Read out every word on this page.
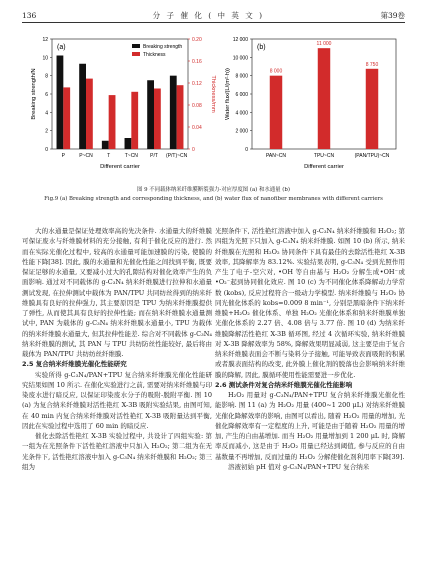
136	分 子 催 化 ( 中 英 文 )	第39卷
(a)
0
2
4
6
8
10
12
0
0.04
0.08
0.12
0.16
0.20
P	P~CN	T	T~CN P/T (P/T)~CN
Different carrier
Breaking strength/N	Thickness/mm
Breaking strength
Thickness
(b)
0
2 000
4 000
6 000
8 000
10 000
12 000
8 000
PAN~CN
11 000
TPU~CN
8 750
(PAN/TPU)~CN
Different carrier
Water flux/(L/(m²·h))
图 9 不同载体纳米纤维膜断裂强力-对应厚度图 (a) 和水通量 (b)
Fig.9 (a) Breaking strength and corresponding thickness, and (b) water flux of nanofiber membranes with different carriers

大的水通量是保证处理效率高的先决条件. 水通量大的纤维膜可保证废水与纤维膜材料的充分接触, 有利于催化反应的进行. 然而在实际光催化过程中, 较高的水通量可能加速膜的污染, 使膜的性能下降[38]. 因此, 膜的水通量和光催化性能之间找到平衡, 既要保证足够的水通量, 又要减小过大的孔隙结构对催化效率产生的负面影响. 通过对不同载体的 g-C₃N₄ 纳米纤维膜进行拉伸和水通量测试发现, 在拉伸测试中载体为 PAN/TPU 共同纺丝得到的纳米纤维膜具有良好的拉伸强力, 其主要原因是 TPU 为纳米纤维膜提供了弹性, 从而使其具有良好的拉伸性能; 而在纳米纤维膜水通量测试中, PAN 为载体的 g-C₃N₄ 纳米纤维膜水通量小, TPU 为载体的纳米纤维膜水通量大, 但其拉伸性能差. 综合对不同载体 g-C₃N₄ 纳米纤维膜的测试, 其 PAN 与 TPU 共纺防丝性能较好, 最后将由载体为 PAN/TPU 共纺纺丝纤维膜.

2.5 复合纳米纤维膜光催化性能研究

实验所得 g-C₃N₄/PAN+TPU 复合纳米纤维膜光催化性能研究结果如图 10 所示. 在催化实验进行之前, 需要对纳米纤维膜与印染废水进行暗反应, 以保证印染废水分子的吸附-脱附平衡. 图 10 (a) 为复合纳米纤维膜对活性艳红 X-3B 吸附实验结果, 由图可知, 在 40 min 内复合纳米纤维膜对活性艳红 X-3B 吸附量达到平衡, 因此在实验过程中选用了 60 min 的暗反应.

催化去除活性艳红 X-3B 实验过程中, 共设计了四组实验: 第一组为在光照条件下活性艳红溶液中只加入 H₂O₂; 第二组为在无光条件下, 活性艳红溶液中加入 g-C₃N₄ 纳米纤维膜和 H₂O₂; 第三组为

光照条件下, 活性艳红溶液中加入 g-C₃N₄ 纳米纤维膜和 H₂O₂; 第四组为光照下只加入 g-C₃N₄ 纳米纤维膜. 如图 10 (b) 所示, 纳米纤维膜在光照和 H₂O₂ 协同条件下具有最佳的去除活性艳红 X-3B 效率, 其降解率为 83.12%. 实验结果表明, g-C₃N₄ 受到光照作用产生了电子-空穴对, •OH 等自由基与 H₂O₂ 分解生成•OH⁻或•O₂⁻起到协同催化效应. 图 10 (c) 为不同催化体系降解动力学常数 (kobs), 反应过程符合一级动力学模型. 纳米纤维膜与 H₂O₂ 协同光催化体系的 kobs=0.009 8 min⁻¹, 分别是黑暗条件下纳米纤维膜+H₂O₂ 催化体系、单独 H₂O₂ 光催化体系和纳米纤维膜单独光催化体系的 2.27 倍、4.08 倍与 3.77 倍. 图 10 (d) 为纳米纤维膜降解活性艳红 X-3B 循环图, 经过 4 次循环实验, 纳米纤维膜对 X-3B 降解效率为 58%, 降解效果明显减弱, 这主要是由于复合纳米纤维膜表面会不断与染料分子接触, 可能导致表面吸附的积累或者膜表面结构的改变, 此外膜上催化剂的脱落也会影响纳米纤维膜的降解, 因此, 膜循环使用性能需要进一步优化.

2.6 测试条件对复合纳米纤维膜光催化性能影响

H₂O₂ 用量对 g-C₃N₄/PAN+TPU 复合纳米纤维膜光催化性能影响. 图 11 (a) 为 H₂O₂ 用量 (400~1 200 μL) 对纳米纤维膜光催化降解效率的影响, 由图可以看出, 随着 H₂O₂ 用量的增加, 光催化降解效率有一定程度的上升, 可能是由于随着 H₂O₂ 用量的增加, 产生的自由基增加. 而当 H₂O₂ 用量增加到 1 200 μL 时, 降解率反而减小, 这是由于 H₂O₂ 用量已经达到阈值, 参与反应的自由基数量不再增加, 反而过量的 H₂O₂ 分解使催化剂利用率下降[39].

溶液初始 pH 值对 g-C₃N₄/PAN+TPU 复合纳米
